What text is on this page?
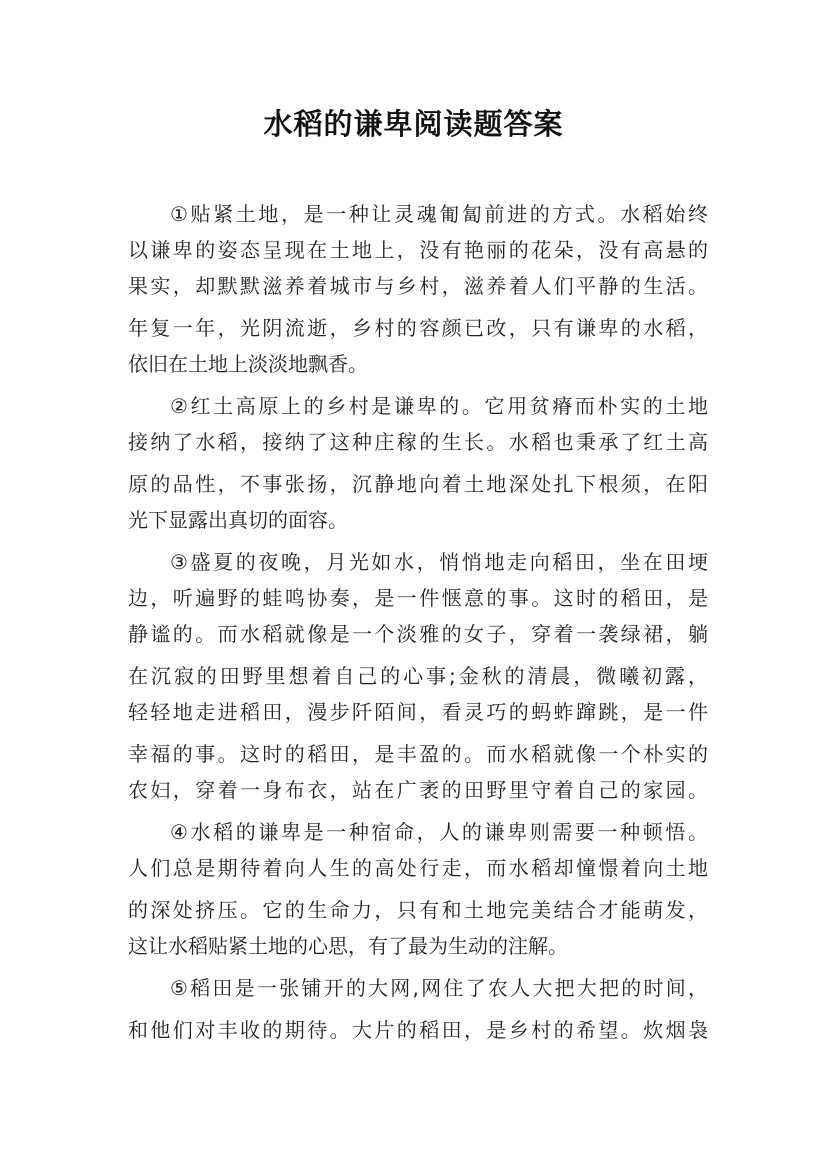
水稻的谦卑阅读题答案

①贴紧土地，是一种让灵魂匍匐前进的方式。水稻始终

以谦卑的姿态呈现在土地上，没有艳丽的花朵，没有高悬的

果实，却默默滋养着城市与乡村，滋养着人们平静的生活。

年复一年，光阴流逝，乡村的容颜已改，只有谦卑的水稻，

依旧在土地上淡淡地飘香。

②红土高原上的乡村是谦卑的。它用贫瘠而朴实的土地

接纳了水稻，接纳了这种庄稼的生长。水稻也秉承了红土高

原的品性，不事张扬，沉静地向着土地深处扎下根须，在阳

光下显露出真切的面容。

③盛夏的夜晚，月光如水，悄悄地走向稻田，坐在田埂

边，听遍野的蛙鸣协奏，是一件惬意的事。这时的稻田，是

静谧的。而水稻就像是一个淡雅的女子，穿着一袭绿裙，躺

在沉寂的田野里想着自己的心事;金秋的清晨，微曦初露，

轻轻地走进稻田，漫步阡陌间，看灵巧的蚂蚱蹿跳，是一件

幸福的事。这时的稻田，是丰盈的。而水稻就像一个朴实的

农妇，穿着一身布衣，站在广袤的田野里守着自己的家园。

④水稻的谦卑是一种宿命，人的谦卑则需要一种顿悟。

人们总是期待着向人生的高处行走，而水稻却憧憬着向土地

的深处挤压。它的生命力，只有和土地完美结合才能萌发，

这让水稻贴紧土地的心思，有了最为生动的注解。

⑤稻田是一张铺开的大网,网住了农人大把大把的时间，

和他们对丰收的期待。大片的稻田，是乡村的希望。炊烟袅
